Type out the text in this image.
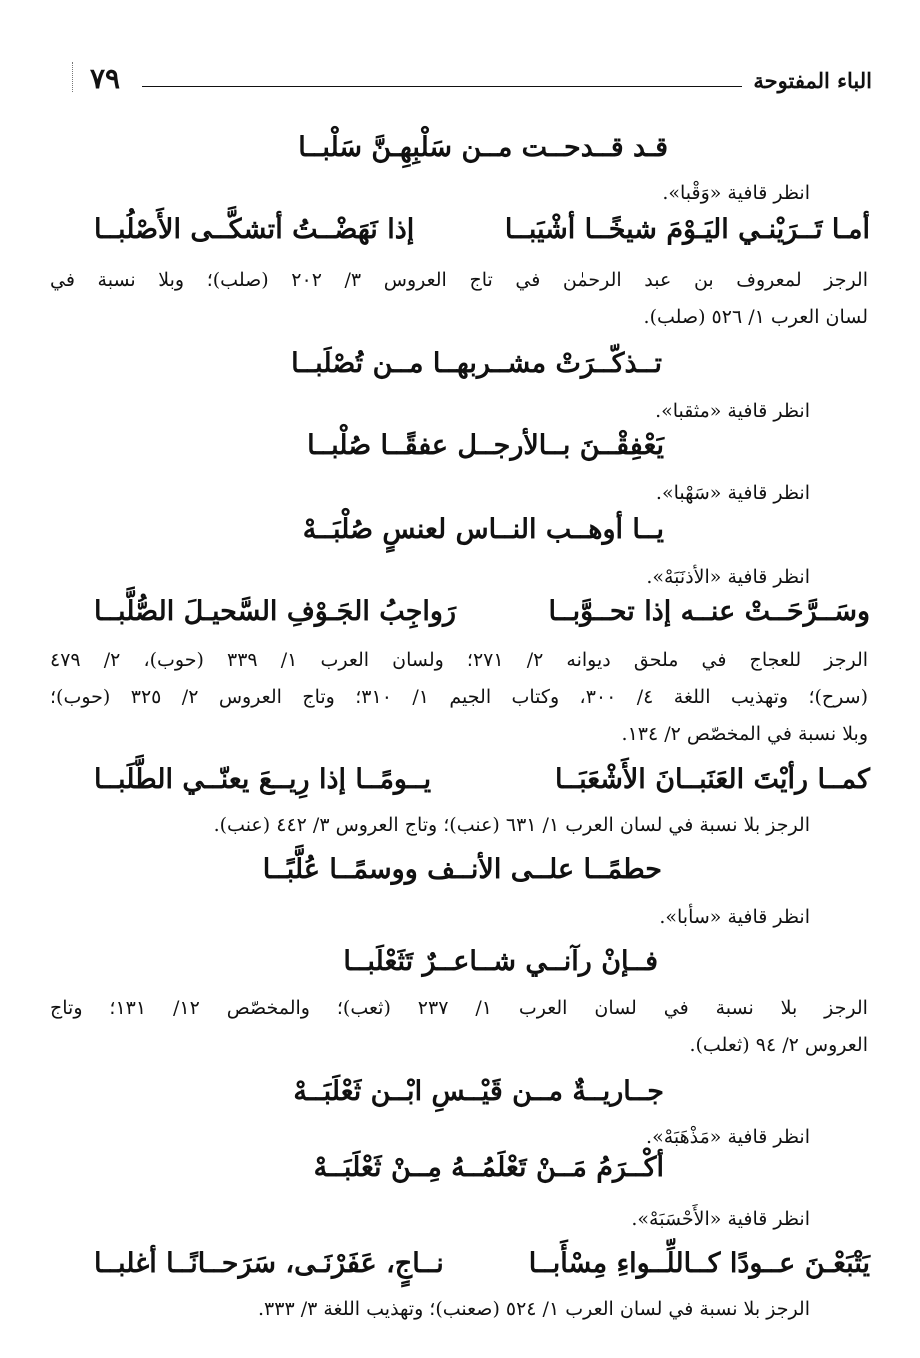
الباء المفتوحة
٧٩
قـد قــدحــت مــن سَلْبِهِـنَّ سَلْبــا
انظر قافية «وَقْبا».
أمـا تَــرَيْنـي اليَـوْمَ شيخًــا أشْيَبــا
إذا نَهَضْــتُ أتشكَّــى الأَصْلُبــا
الرجز لمعروف بن عبد الرحمٰن في تاج العروس ٣/ ٢٠٢ (صلب)؛ وبلا نسبة في
لسان العرب ١/ ٥٢٦ (صلب).
تــذكّــرَتْ مشــربهــا مــن تُصْلَبــا
انظر قافية «مثقبا».
يَعْفِقْــنَ بــالأرجــل عفقًــا صُلْبــا
انظر قافية «سَهْبا».
يــا أوهــب النــاس لعنسٍ صُلْبَــهْ
انظر قافية «الأذنَبَهْ».
وسَــرَّحَــتْ عنــه إذا تحــوَّبــا
رَواجِبُ الجَـوْفِ السَّحيـلَ الصُّلَّبــا
الرجز للعجاج في ملحق ديوانه ٢/ ٢٧١؛ ولسان العرب ١/ ٣٣٩ (حوب)، ٢/ ٤٧٩
(سرح)؛ وتهذيب اللغة ٤/ ٣٠٠، وكتاب الجيم ١/ ٣١٠؛ وتاج العروس ٢/ ٣٢٥ (حوب)؛
وبلا نسبة في المخصّص ٢/ ١٣٤.
كمــا رأيْتَ العَنَبــانَ الأَشْعَبَــا
يــومًــا إذا رِيــعَ يعنّــي الطَّلَبــا
الرجز بلا نسبة في لسان العرب ١/ ٦٣١ (عنب)؛ وتاج العروس ٣/ ٤٤٢ (عنب).
حطمًــا علــى الأنــف ووسمًــا عُلَّبًــا
انظر قافية «سأبا».
فــإنْ رآنــي شــاعــرٌ تَثَعْلَبــا
الرجز بلا نسبة في لسان العرب ١/ ٢٣٧ (ثعب)؛ والمخصّص ١٢/ ١٣١؛ وتاج
العروس ٢/ ٩٤ (ثعلب).
جــاريــةٌ مــن قَيْــسِ ابْــن ثَعْلَبَــهْ
انظر قافية «مَذْهَبَهْ».
أكْــرَمُ مَــنْ تَعْلَمُــهُ مِــنْ ثَعْلَبَــهْ
انظر قافية «الأَحْسَبَهْ».
يَتْبَعْـنَ عــودًا كــاللِّــواءِ مِسْأَبــا
نــاجٍ، عَفَرْنَـى، سَرَحــانًــا أغلبــا
الرجز بلا نسبة في لسان العرب ١/ ٥٢٤ (صعنب)؛ وتهذيب اللغة ٣/ ٣٣٣.
